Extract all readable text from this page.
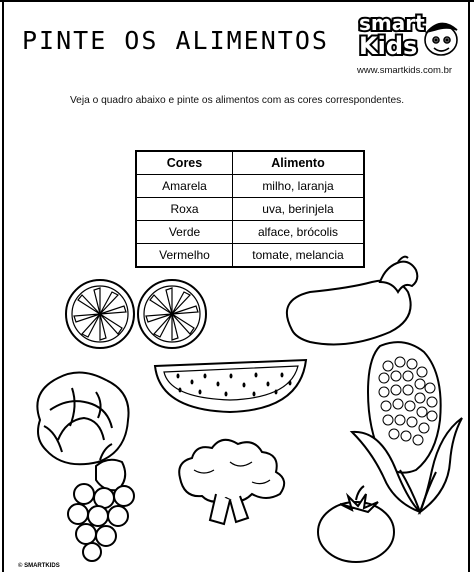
PINTE OS ALIMENTOS
smart
Kids
www.smartkids.com.br
Veja o quadro abaixo e pinte os alimentos com as cores correspondentes.
Cores	Alimento
Amarela	milho, laranja
Roxa	uva, berinjela
Verde	alface, brócolis
Vermelho	tomate, melancia
© SMARTKIDS
